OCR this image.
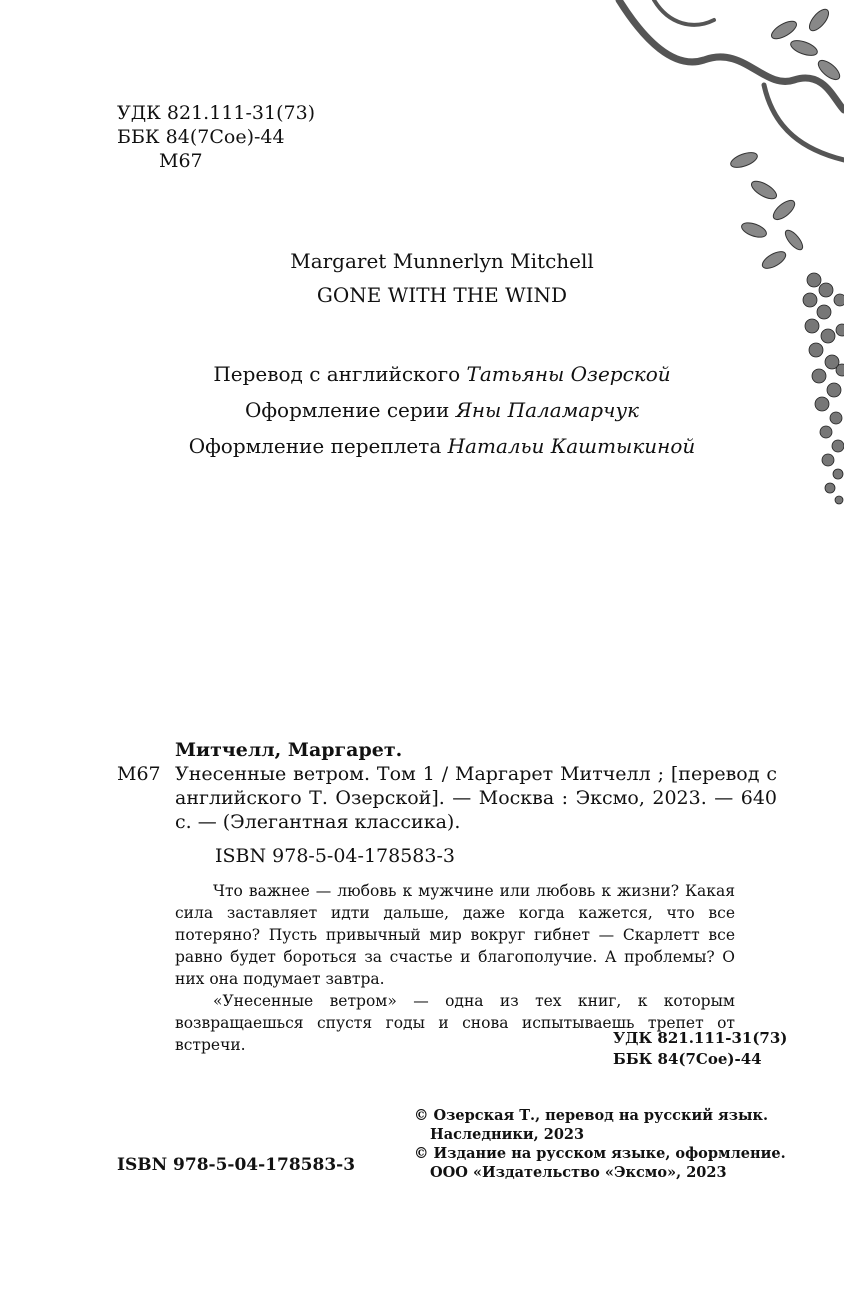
УДК 821.111-31(73)
ББК 84(7Сое)-44
М67
Margaret Munnerlyn Mitchell
GONE WITH THE WIND
Перевод с английского Татьяны Озерской
Оформление серии Яны Паламарчук
Оформление переплета Натальи Каштыкиной
Митчелл, Маргарет.
М67 Унесенные ветром. Том 1 / Маргарет Митчелл ; [перевод с английского Т. Озерской]. — Москва : Эксмо, 2023. — 640 с. — (Элегантная классика).
ISBN 978-5-04-178583-3

Что важнее — любовь к мужчине или любовь к жизни? Какая сила заставляет идти дальше, даже когда кажется, что все потеряно? Пусть привычный мир вокруг гибнет — Скарлетт все равно будет бороться за счастье и благополучие. А проблемы? О них она подумает завтра.

«Унесенные ветром» — одна из тех книг, к которым возвращаешься спустя годы и снова испытываешь трепет от встречи.	УДК 821.111-31(73)
ББК 84(7Сое)-44
© Озерская Т., перевод на русский язык.
Наследники, 2023
© Издание на русском языке, оформление.
ООО «Издательство «Эксмо», 2023
ISBN 978-5-04-178583-3
